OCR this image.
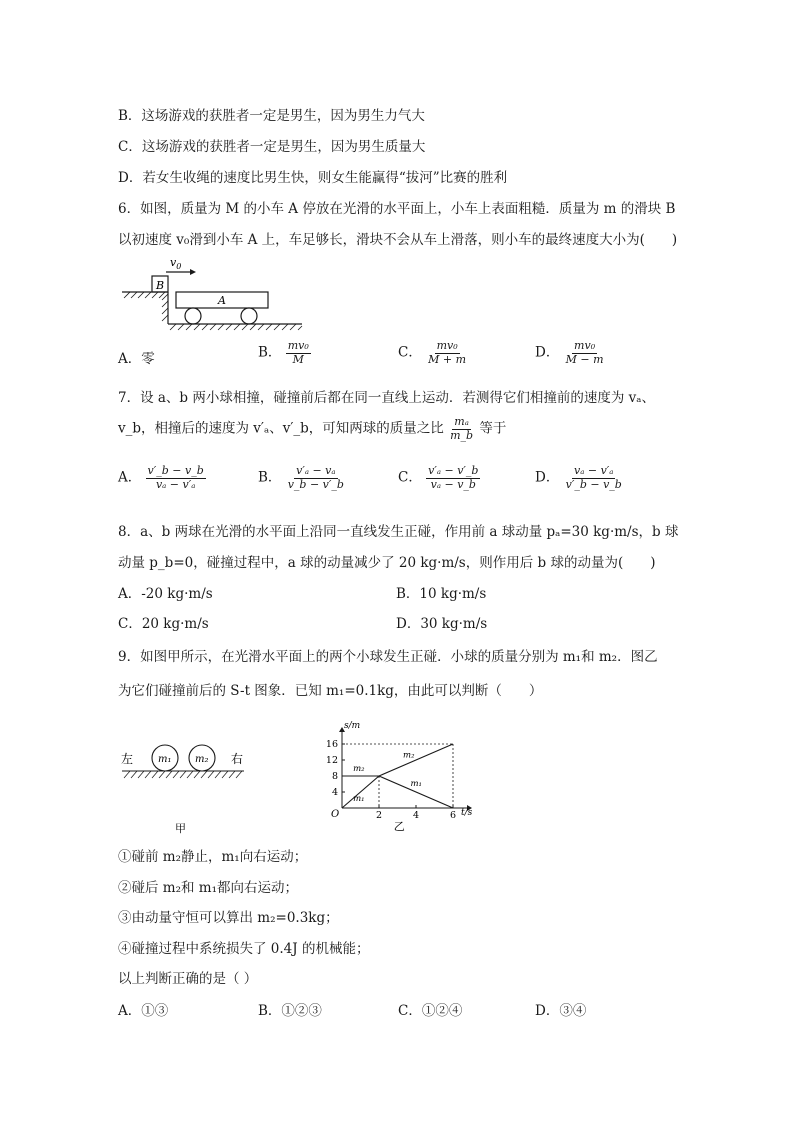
B．这场游戏的获胜者一定是男生，因为男生力气大
C．这场游戏的获胜者一定是男生，因为男生质量大
D．若女生收绳的速度比男生快，则女生能赢得“拔河”比赛的胜利
6．如图，质量为 M 的小车 A 停放在光滑的水平面上，小车上表面粗糙．质量为 m 的滑块 B
以初速度 v₀滑到小车 A 上，车足够长，滑块不会从车上滑落，则小车的最终速度大小为(　　)
$v_0$
B
A
A．零	B． $\frac{\text{mv₀}}{M}$	C． $\frac{\text{mv₀}}{M + m}$	D． $\frac{\text{mv₀}}{M - m}$
7．设 a、b 两小球相撞，碰撞前后都在同一直线上运动．若测得它们相撞前的速度为 vₐ、
v_b，相撞后的速度为 v′ₐ、v′_b，可知两球的质量之比 $\frac{\text{mₐ}}{m\_b}$ 等于
A． $\frac{v'\_b - v\_b}{\text{vₐ − v′ₐ}}$	B． $\frac{\text{v′ₐ − vₐ}}{v\_b - v'\_b}$	C． $\frac{\text{v′ₐ − v′\_b}}{\text{vₐ − v\_b}}$	D． $\frac{\text{vₐ − v′ₐ}}{v'\_b - v\_b}$
8．a、b 两球在光滑的水平面上沿同一直线发生正碰，作用前 a 球动量 pₐ=30 kg·m/s，b 球
动量 p_b=0，碰撞过程中，a 球的动量减少了 20 kg·m/s，则作用后 b 球的动量为(　　)
A．-20 kg·m/s	B．10 kg·m/s
C．20 kg·m/s	D．30 kg·m/s
9．如图甲所示，在光滑水平面上的两个小球发生正碰．小球的质量分别为 m₁和 m₂．图乙
为它们碰撞前后的 S-t 图象．已知 m₁=0.1kg，由此可以判断（　　）
左	右
m₁ m₂
甲
s/m
t/s
O
4
8
12
16
2	4	6
m₂
m₁
m₂
m₁
乙
①碰前 m₂静止，m₁向右运动；
②碰后 m₂和 m₁都向右运动；
③由动量守恒可以算出 m₂=0.3kg；
④碰撞过程中系统损失了 0.4J 的机械能；
以上判断正确的是（ ）
A．①③	B．①②③	C．①②④	D．③④
